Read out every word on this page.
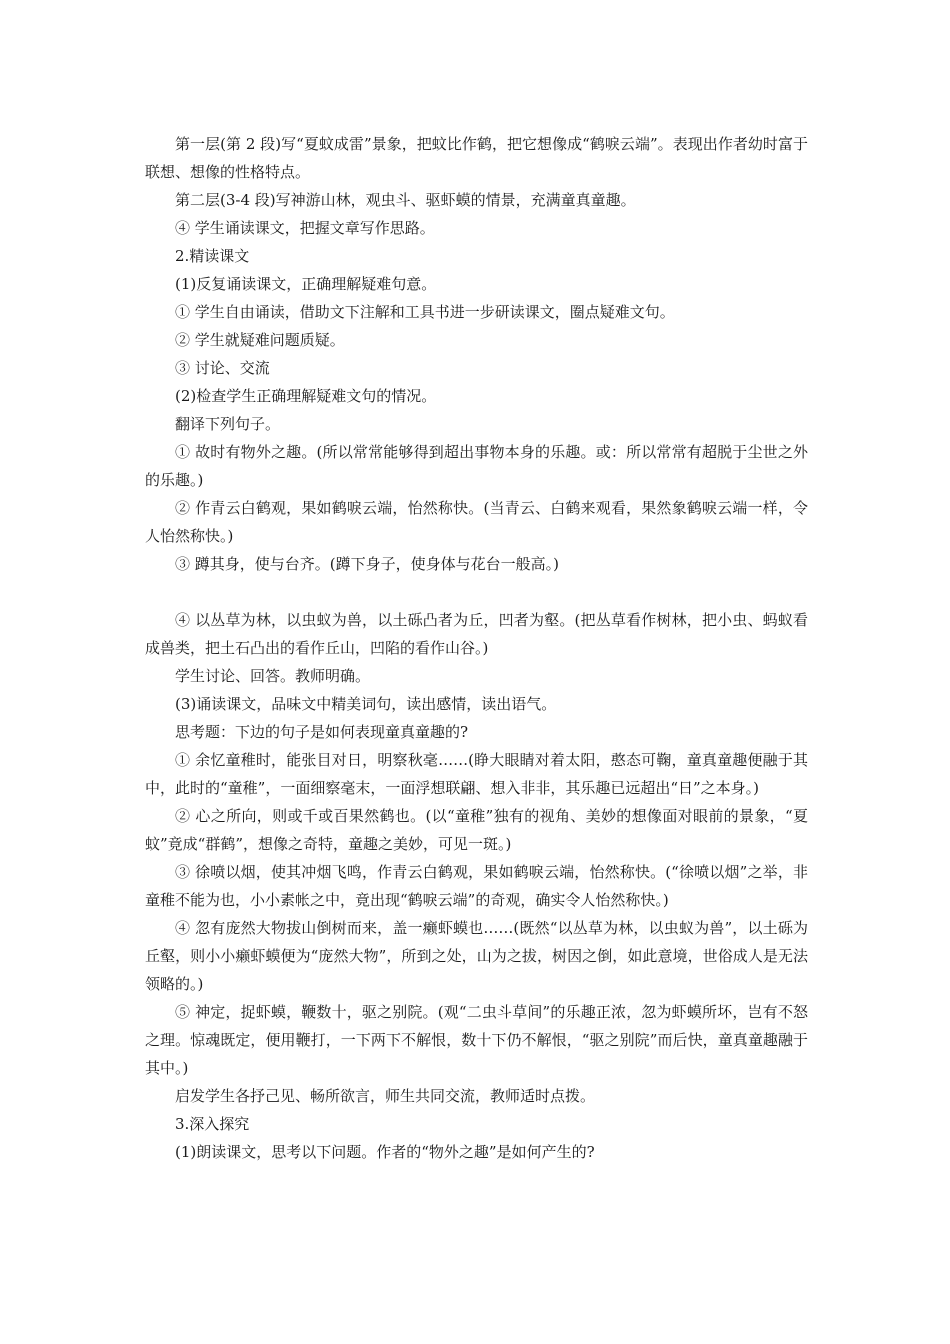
第一层(第 2 段)写“夏蚊成雷”景象，把蚊比作鹤，把它想像成“鹤唳云端”。表现出作者幼时富于联想、想像的性格特点。

第二层(3-4 段)写神游山林，观虫斗、驱虾蟆的情景，充满童真童趣。

④ 学生诵读课文，把握文章写作思路。

2.精读课文

(1)反复诵读课文，正确理解疑难句意。

① 学生自由诵读，借助文下注解和工具书进一步研读课文，圈点疑难文句。

② 学生就疑难问题质疑。

③ 讨论、交流

(2)检查学生正确理解疑难文句的情况。

翻译下列句子。

① 故时有物外之趣。(所以常常能够得到超出事物本身的乐趣。或：所以常常有超脱于尘世之外的乐趣。)

② 作青云白鹤观，果如鹤唳云端，怡然称快。(当青云、白鹤来观看，果然象鹤唳云端一样，令人怡然称快。)

③ 蹲其身，使与台齐。(蹲下身子，使身体与花台一般高。)

④ 以丛草为林，以虫蚁为兽，以土砾凸者为丘，凹者为壑。(把丛草看作树林，把小虫、蚂蚁看成兽类，把土石凸出的看作丘山，凹陷的看作山谷。)

学生讨论、回答。教师明确。

(3)诵读课文，品味文中精美词句，读出感情，读出语气。

思考题：下边的句子是如何表现童真童趣的?

① 余忆童稚时，能张目对日，明察秋毫……(睁大眼睛对着太阳，憨态可鞠，童真童趣便融于其中，此时的“童稚”，一面细察毫末，一面浮想联翩、想入非非，其乐趣已远超出“日”之本身。)

② 心之所向，则或千或百果然鹤也。(以“童稚”独有的视角、美妙的想像面对眼前的景象，“夏蚊”竟成“群鹤”，想像之奇特，童趣之美妙，可见一斑。)

③ 徐喷以烟，使其冲烟飞鸣，作青云白鹤观，果如鹤唳云端，怡然称快。(“徐喷以烟”之举，非童稚不能为也，小小素帐之中，竟出现“鹤唳云端”的奇观，确实令人怡然称快。)

④ 忽有庞然大物拔山倒树而来，盖一癞虾蟆也……(既然“以丛草为林，以虫蚁为兽”，以土砾为丘壑，则小小癞虾蟆便为“庞然大物”，所到之处，山为之拔，树因之倒，如此意境，世俗成人是无法领略的。)

⑤ 神定，捉虾蟆，鞭数十，驱之别院。(观“二虫斗草间”的乐趣正浓，忽为虾蟆所坏，岂有不怒之理。惊魂既定，便用鞭打，一下两下不解恨，数十下仍不解恨，“驱之别院”而后快，童真童趣融于其中。)

启发学生各抒己见、畅所欲言，师生共同交流，教师适时点拨。

3.深入探究

(1)朗读课文，思考以下问题。作者的“物外之趣”是如何产生的?
